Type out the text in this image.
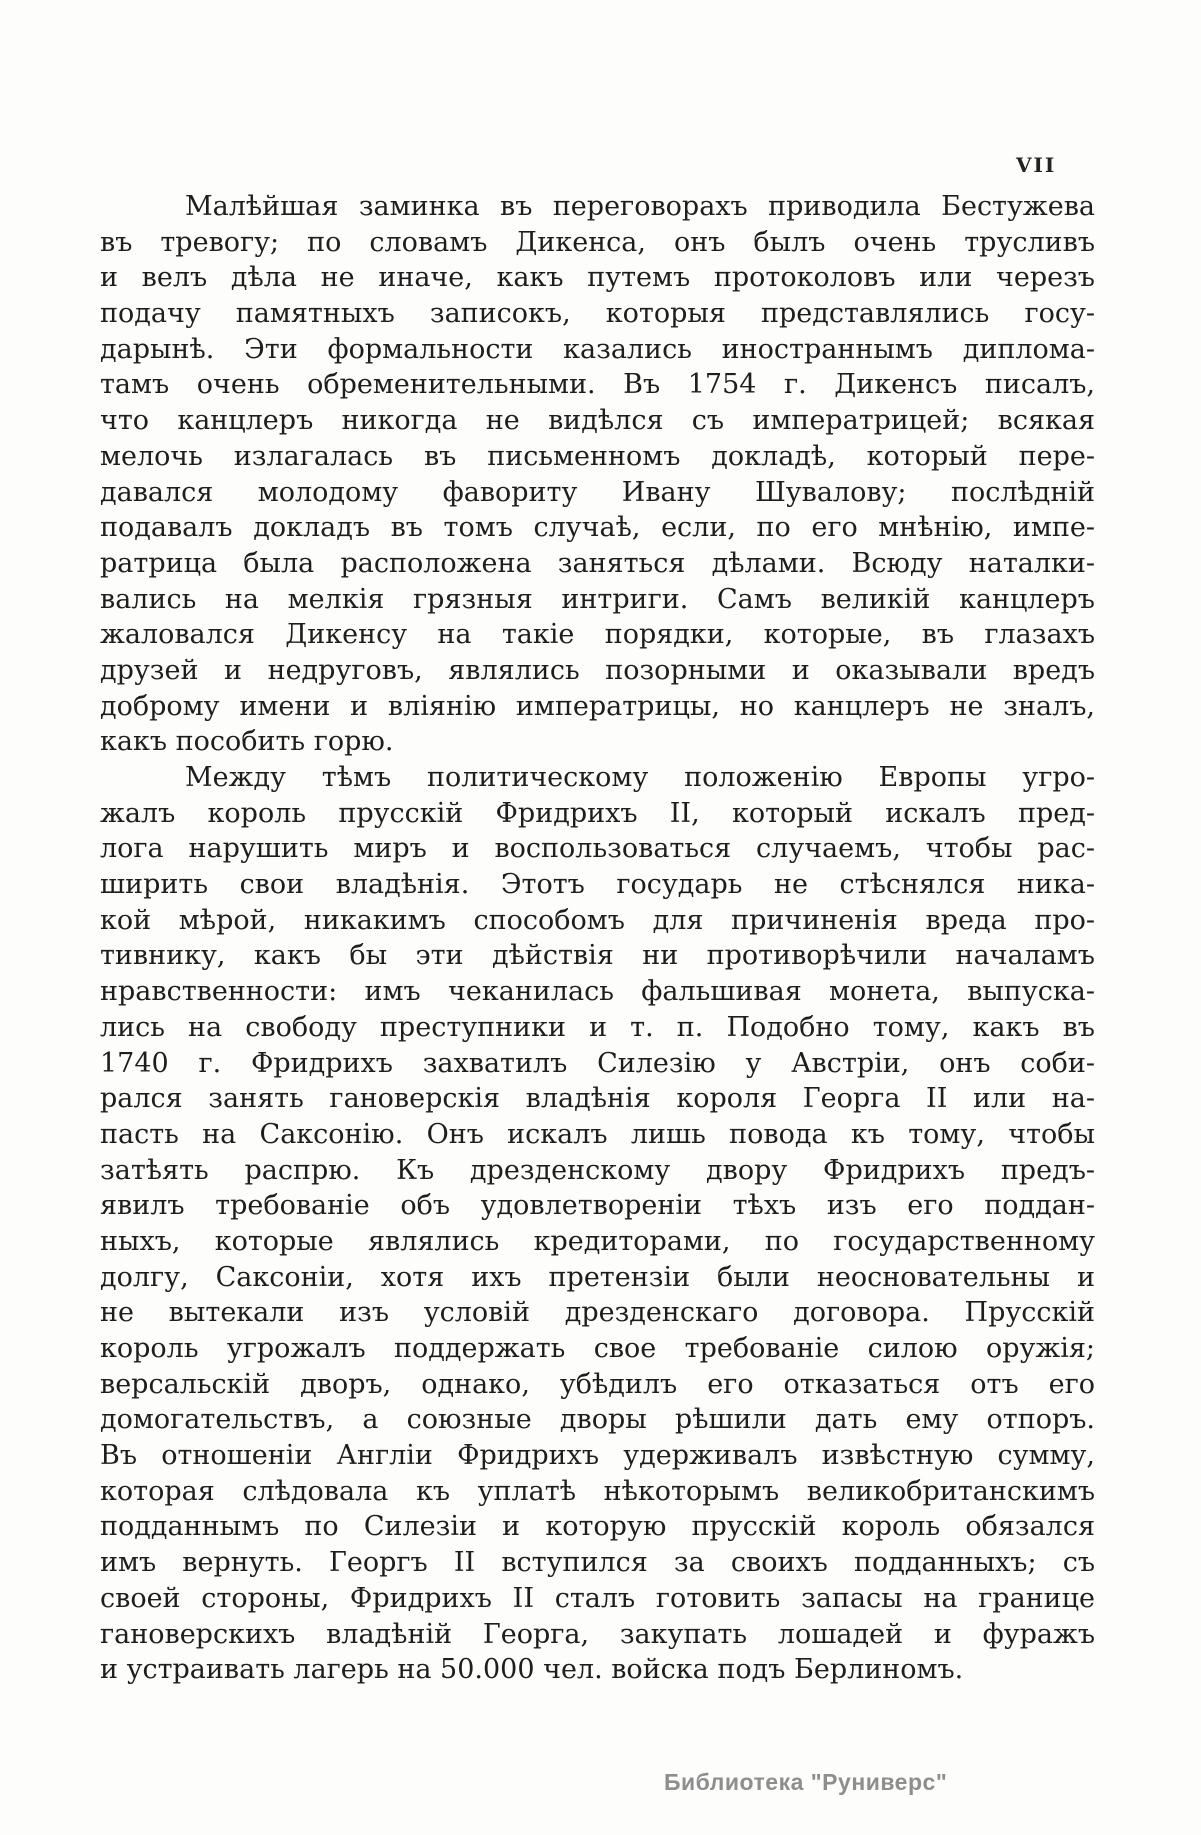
VII

Малѣйшая заминка въ переговорахъ приводила Бестужева
въ тревогу; по словамъ Дикенса, онъ былъ очень трусливъ
и велъ дѣла не иначе, какъ путемъ протоколовъ или черезъ
подачу памятныхъ записокъ, которыя представлялись госу-
дарынѣ. Эти формальности казались иностраннымъ диплома-
тамъ очень обременительными. Въ 1754 г. Дикенсъ писалъ,
что канцлеръ никогда не видѣлся съ императрицей; всякая
мелочь излагалась въ письменномъ докладѣ, который пере-
давался молодому фавориту Ивану Шувалову; послѣдній
подавалъ докладъ въ томъ случаѣ, если, по его мнѣнію, импе-
ратрица была расположена заняться дѣлами. Всюду наталки-
вались на мелкія грязныя интриги. Самъ великій канцлеръ
жаловался Дикенсу на такіе порядки, которые, въ глазахъ
друзей и недруговъ, являлись позорными и оказывали вредъ
доброму имени и вліянію императрицы, но канцлеръ не зналъ,
какъ пособить горю.

Между тѣмъ политическому положенію Европы угро-
жалъ король прусскій Фридрихъ II, который искалъ пред-
лога нарушить миръ и воспользоваться случаемъ, чтобы рас-
ширить свои владѣнія. Этотъ государь не стѣснялся ника-
кой мѣрой, никакимъ способомъ для причиненія вреда про-
тивнику, какъ бы эти дѣйствія ни противорѣчили началамъ
нравственности: имъ чеканилась фальшивая монета, выпуска-
лись на свободу преступники и т. п. Подобно тому, какъ въ
1740 г. Фридрихъ захватилъ Силезію у Австріи, онъ соби-
рался занять гановерскія владѣнія короля Георга II или на-
пасть на Саксонію. Онъ искалъ лишь повода къ тому, чтобы
затѣять распрю. Къ дрезденскому двору Фридрихъ предъ-
явилъ требованіе объ удовлетвореніи тѣхъ изъ его поддан-
ныхъ, которые являлись кредиторами, по государственному
долгу, Саксоніи, хотя ихъ претензіи были неосновательны и
не вытекали изъ условій дрезденскаго договора. Прусскій
король угрожалъ поддержать свое требованіе силою оружія;
версальскій дворъ, однако, убѣдилъ его отказаться отъ его
домогательствъ, а союзные дворы рѣшили дать ему отпоръ.
Въ отношеніи Англіи Фридрихъ удерживалъ извѣстную сумму,
которая слѣдовала къ уплатѣ нѣкоторымъ великобританскимъ
подданнымъ по Силезіи и которую прусскій король обязался
имъ вернуть. Георгъ II вступился за своихъ подданныхъ; съ
своей стороны, Фридрихъ II сталъ готовить запасы на границе
гановерскихъ владѣній Георга, закупать лошадей и фуражъ
и устраивать лагерь на 50.000 чел. войска подъ Берлиномъ.

Библиотека "Руниверс"
